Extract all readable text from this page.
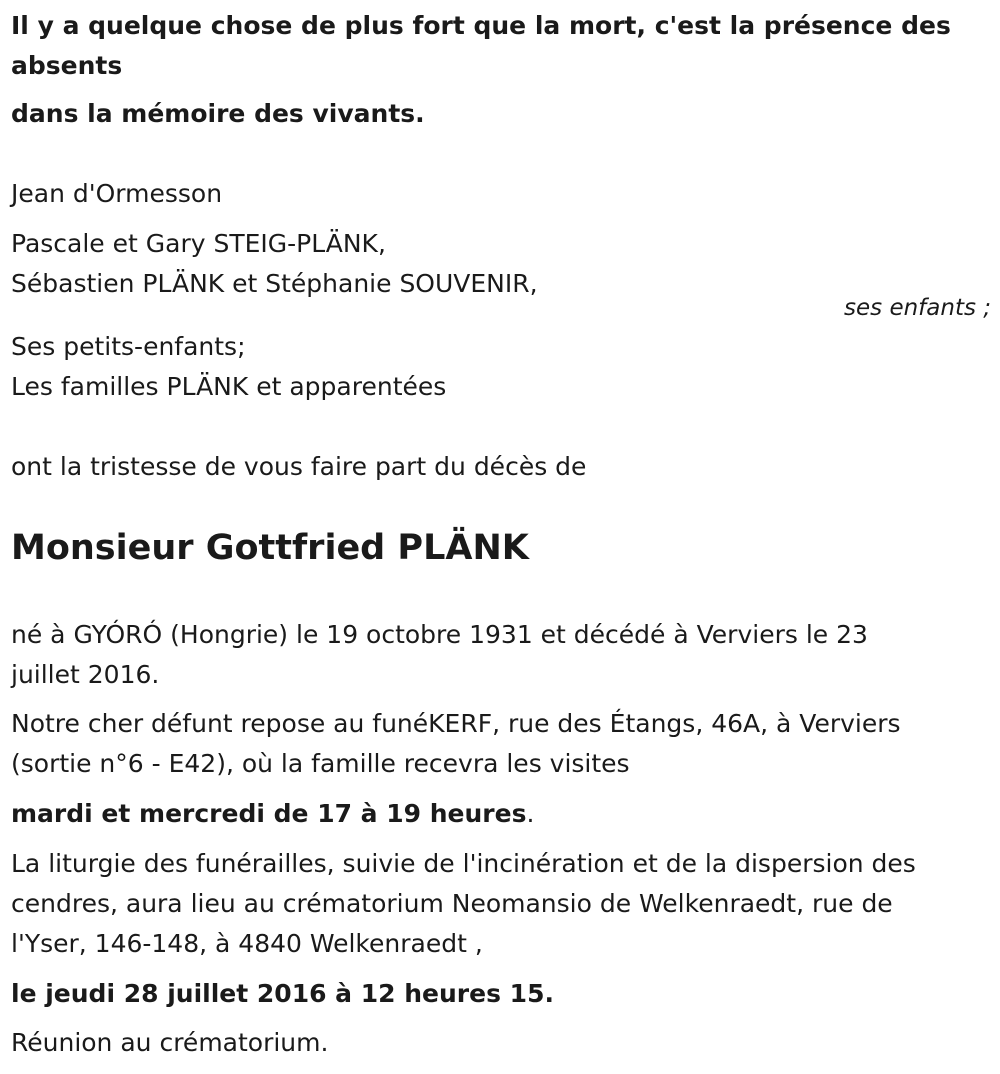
Il y a quelque chose de plus fort que la mort, c'est la présence des
absents
dans la mémoire des vivants.
Jean d'Ormesson
Pascale et Gary STEIG-PLÄNK,
Sébastien PLÄNK et Stéphanie SOUVENIR,
ses enfants ;
Ses petits-enfants;
Les familles PLÄNK et apparentées
ont la tristesse de vous faire part du décès de
Monsieur Gottfried PLÄNK
né à GYÓRÓ (Hongrie) le 19 octobre 1931 et décédé à Verviers le 23
juillet 2016.
Notre cher défunt repose au funéKERF, rue des Étangs, 46A, à Verviers
(sortie n°6 - E42), où la famille recevra les visites
mardi et mercredi de 17 à 19 heures.
La liturgie des funérailles, suivie de l'incinération et de la dispersion des
cendres, aura lieu au crématorium Neomansio de Welkenraedt, rue de
l'Yser, 146-148, à 4840 Welkenraedt ,
le jeudi 28 juillet 2016 à 12 heures 15.
Réunion au crématorium.
